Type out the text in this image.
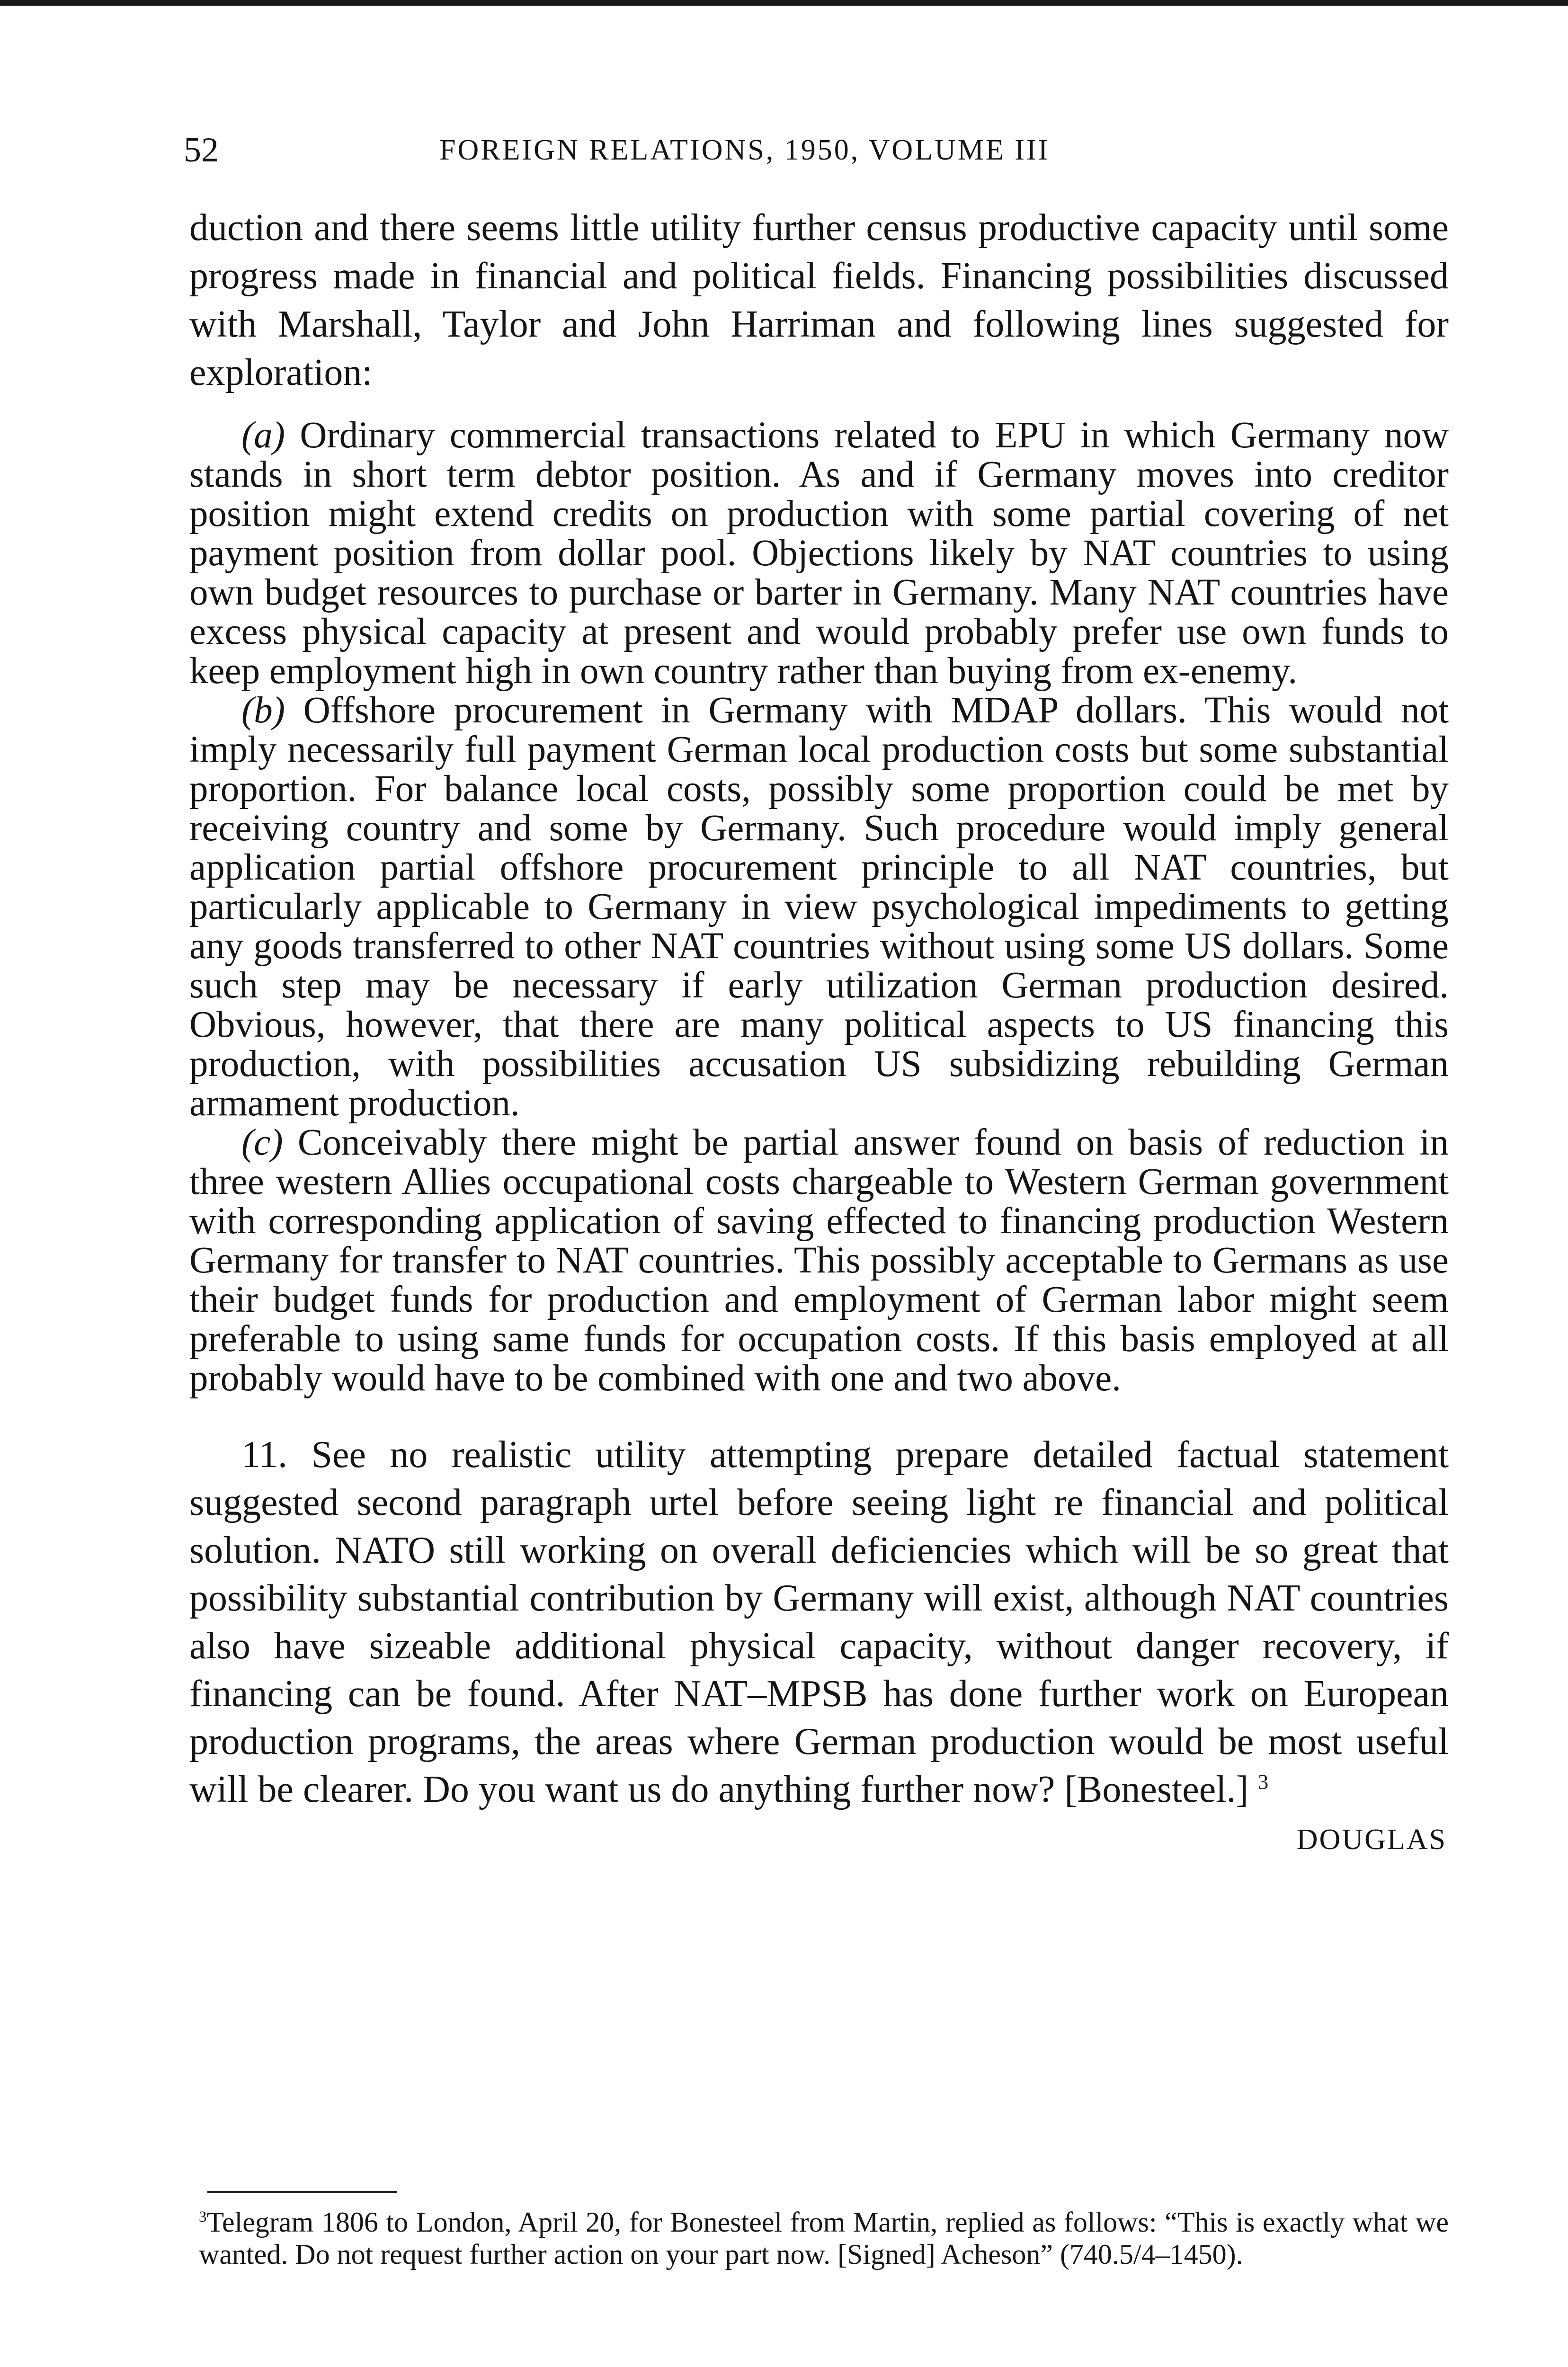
52	FOREIGN RELATIONS, 1950, VOLUME III

duction and there seems little utility further census productive capacity until some progress made in financial and political fields. Financing possibilities discussed with Marshall, Taylor and John Harriman and following lines suggested for exploration:

(a) Ordinary commercial transactions related to EPU in which Germany now stands in short term debtor position. As and if Germany moves into creditor position might extend credits on production with some partial covering of net payment position from dollar pool. Objections likely by NAT countries to using own budget resources to purchase or barter in Germany. Many NAT countries have excess physical capacity at present and would probably prefer use own funds to keep employment high in own country rather than buying from ex-enemy.

(b) Offshore procurement in Germany with MDAP dollars. This would not imply necessarily full payment German local production costs but some substantial proportion. For balance local costs, possibly some proportion could be met by receiving country and some by Germany. Such procedure would imply general application partial offshore procurement principle to all NAT countries, but particularly applicable to Germany in view psychological impediments to getting any goods transferred to other NAT countries without using some US dollars. Some such step may be necessary if early utilization German production desired. Obvious, however, that there are many political aspects to US financing this production, with possibilities accusation US subsidizing rebuilding German armament production.

(c) Conceivably there might be partial answer found on basis of reduction in three western Allies occupational costs chargeable to Western German government with corresponding application of saving effected to financing production Western Germany for transfer to NAT countries. This possibly acceptable to Germans as use their budget funds for production and employment of German labor might seem preferable to using same funds for occupation costs. If this basis employed at all probably would have to be combined with one and two above.

11. See no realistic utility attempting prepare detailed factual statement suggested second paragraph urtel before seeing light re financial and political solution. NATO still working on overall deficiencies which will be so great that possibility substantial contribution by Germany will exist, although NAT countries also have sizeable additional physical capacity, without danger recovery, if financing can be found. After NAT–MPSB has done further work on European production programs, the areas where German production would be most useful will be clearer. Do you want us do anything further now? [Bonesteel.] $^3$

DOUGLAS

$^3$Telegram 1806 to London, April 20, for Bonesteel from Martin, replied as follows: “This is exactly what we wanted. Do not request further action on your part now. [Signed] Acheson” (740.5/4–1450).
